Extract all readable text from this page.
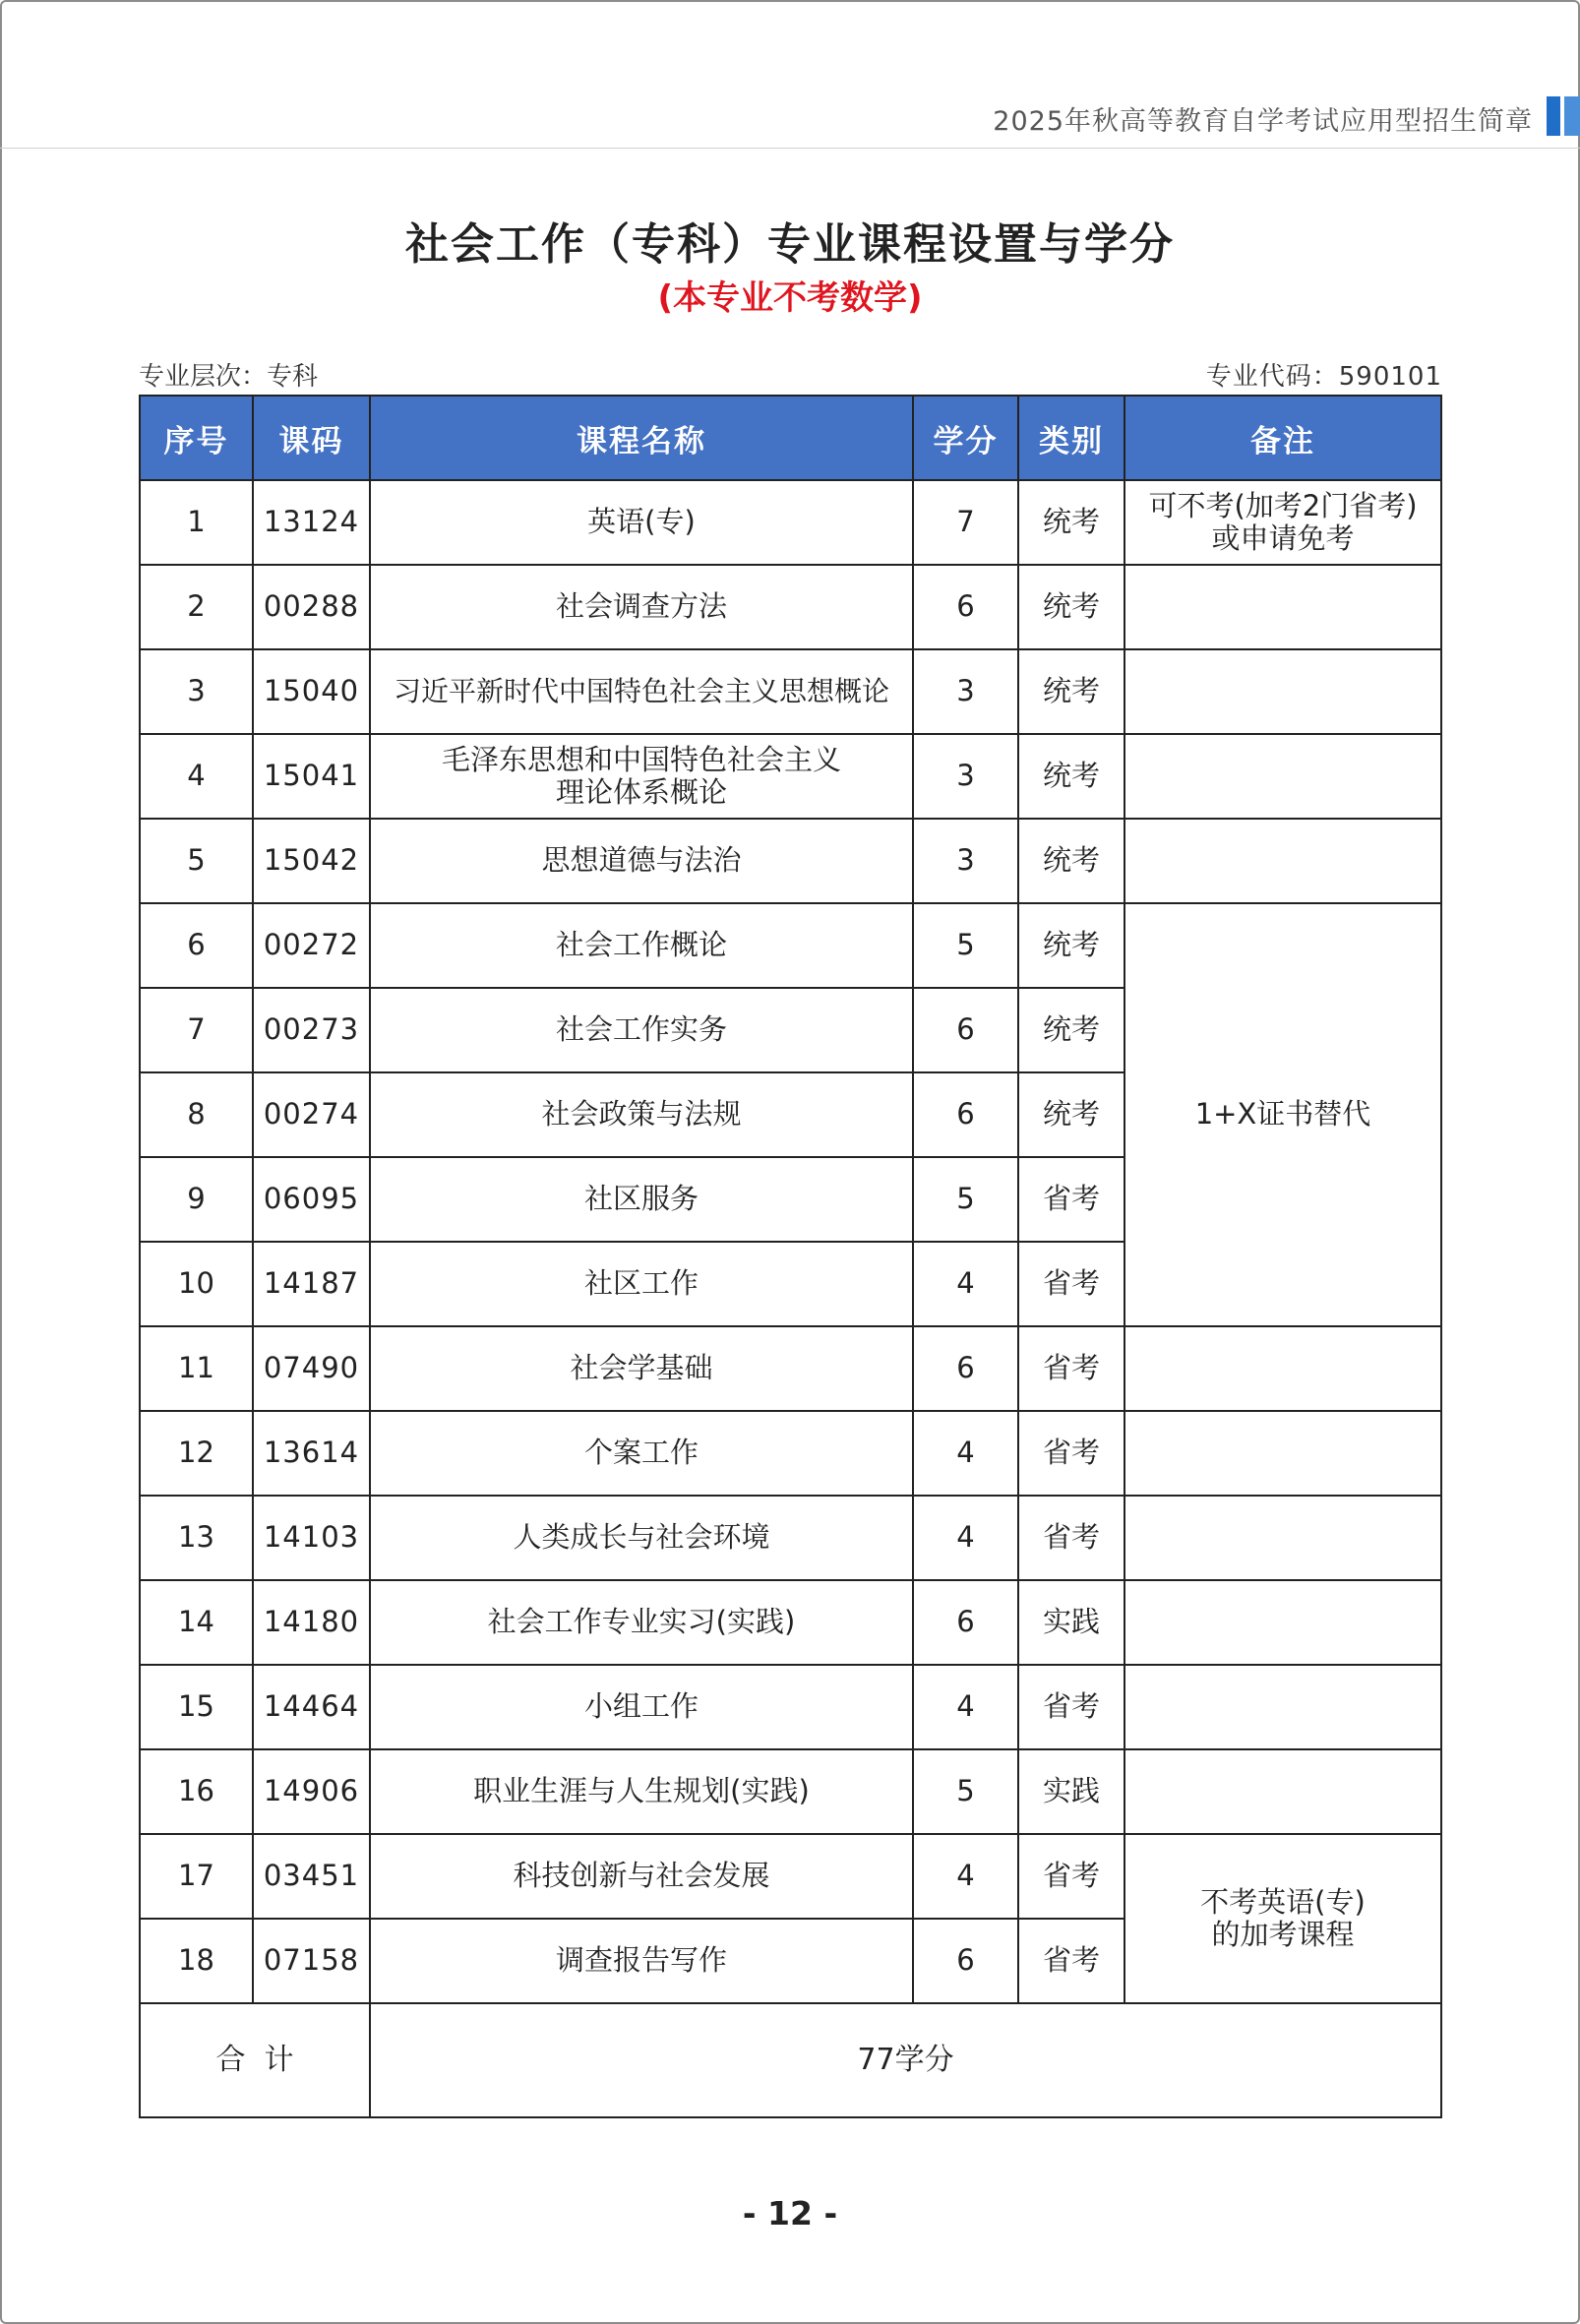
2025年秋高等教育自学考试应用型招生简章
社会工作（专科）专业课程设置与学分
(本专业不考数学)
专业层次：专科	专业代码：590101
序号	课码	课程名称	学分	类别	备注
1	13124	英语(专)	7	统考	可不考(加考2门省考)
或申请免考

2	00288	社会调查方法	6	统考	
3	15040	习近平新时代中国特色社会主义思想概论	3	统考	
4	15041	毛泽东思想和中国特色社会主义
理论体系概论	3	统考	
5	15042	思想道德与法治	3	统考	
6	00272	社会工作概论	5	统考	1+X证书替代
7	00273	社会工作实务	6	统考	
8	00274	社会政策与法规	6	统考	
9	06095	社区服务	5	省考	
10	14187	社区工作	4	省考	
11	07490	社会学基础	6	省考	
12	13614	个案工作	4	省考	
13	14103	人类成长与社会环境	4	省考	
14	14180	社会工作专业实习(实践)	6	实践	
15	14464	小组工作	4	省考	
16	14906	职业生涯与人生规划(实践)	5	实践	
17	03451	科技创新与社会发展	4	省考	不考英语(专)
的加考课程

18	07158	调查报告写作	6	省考	
合  计		77学分			
- 12 -
